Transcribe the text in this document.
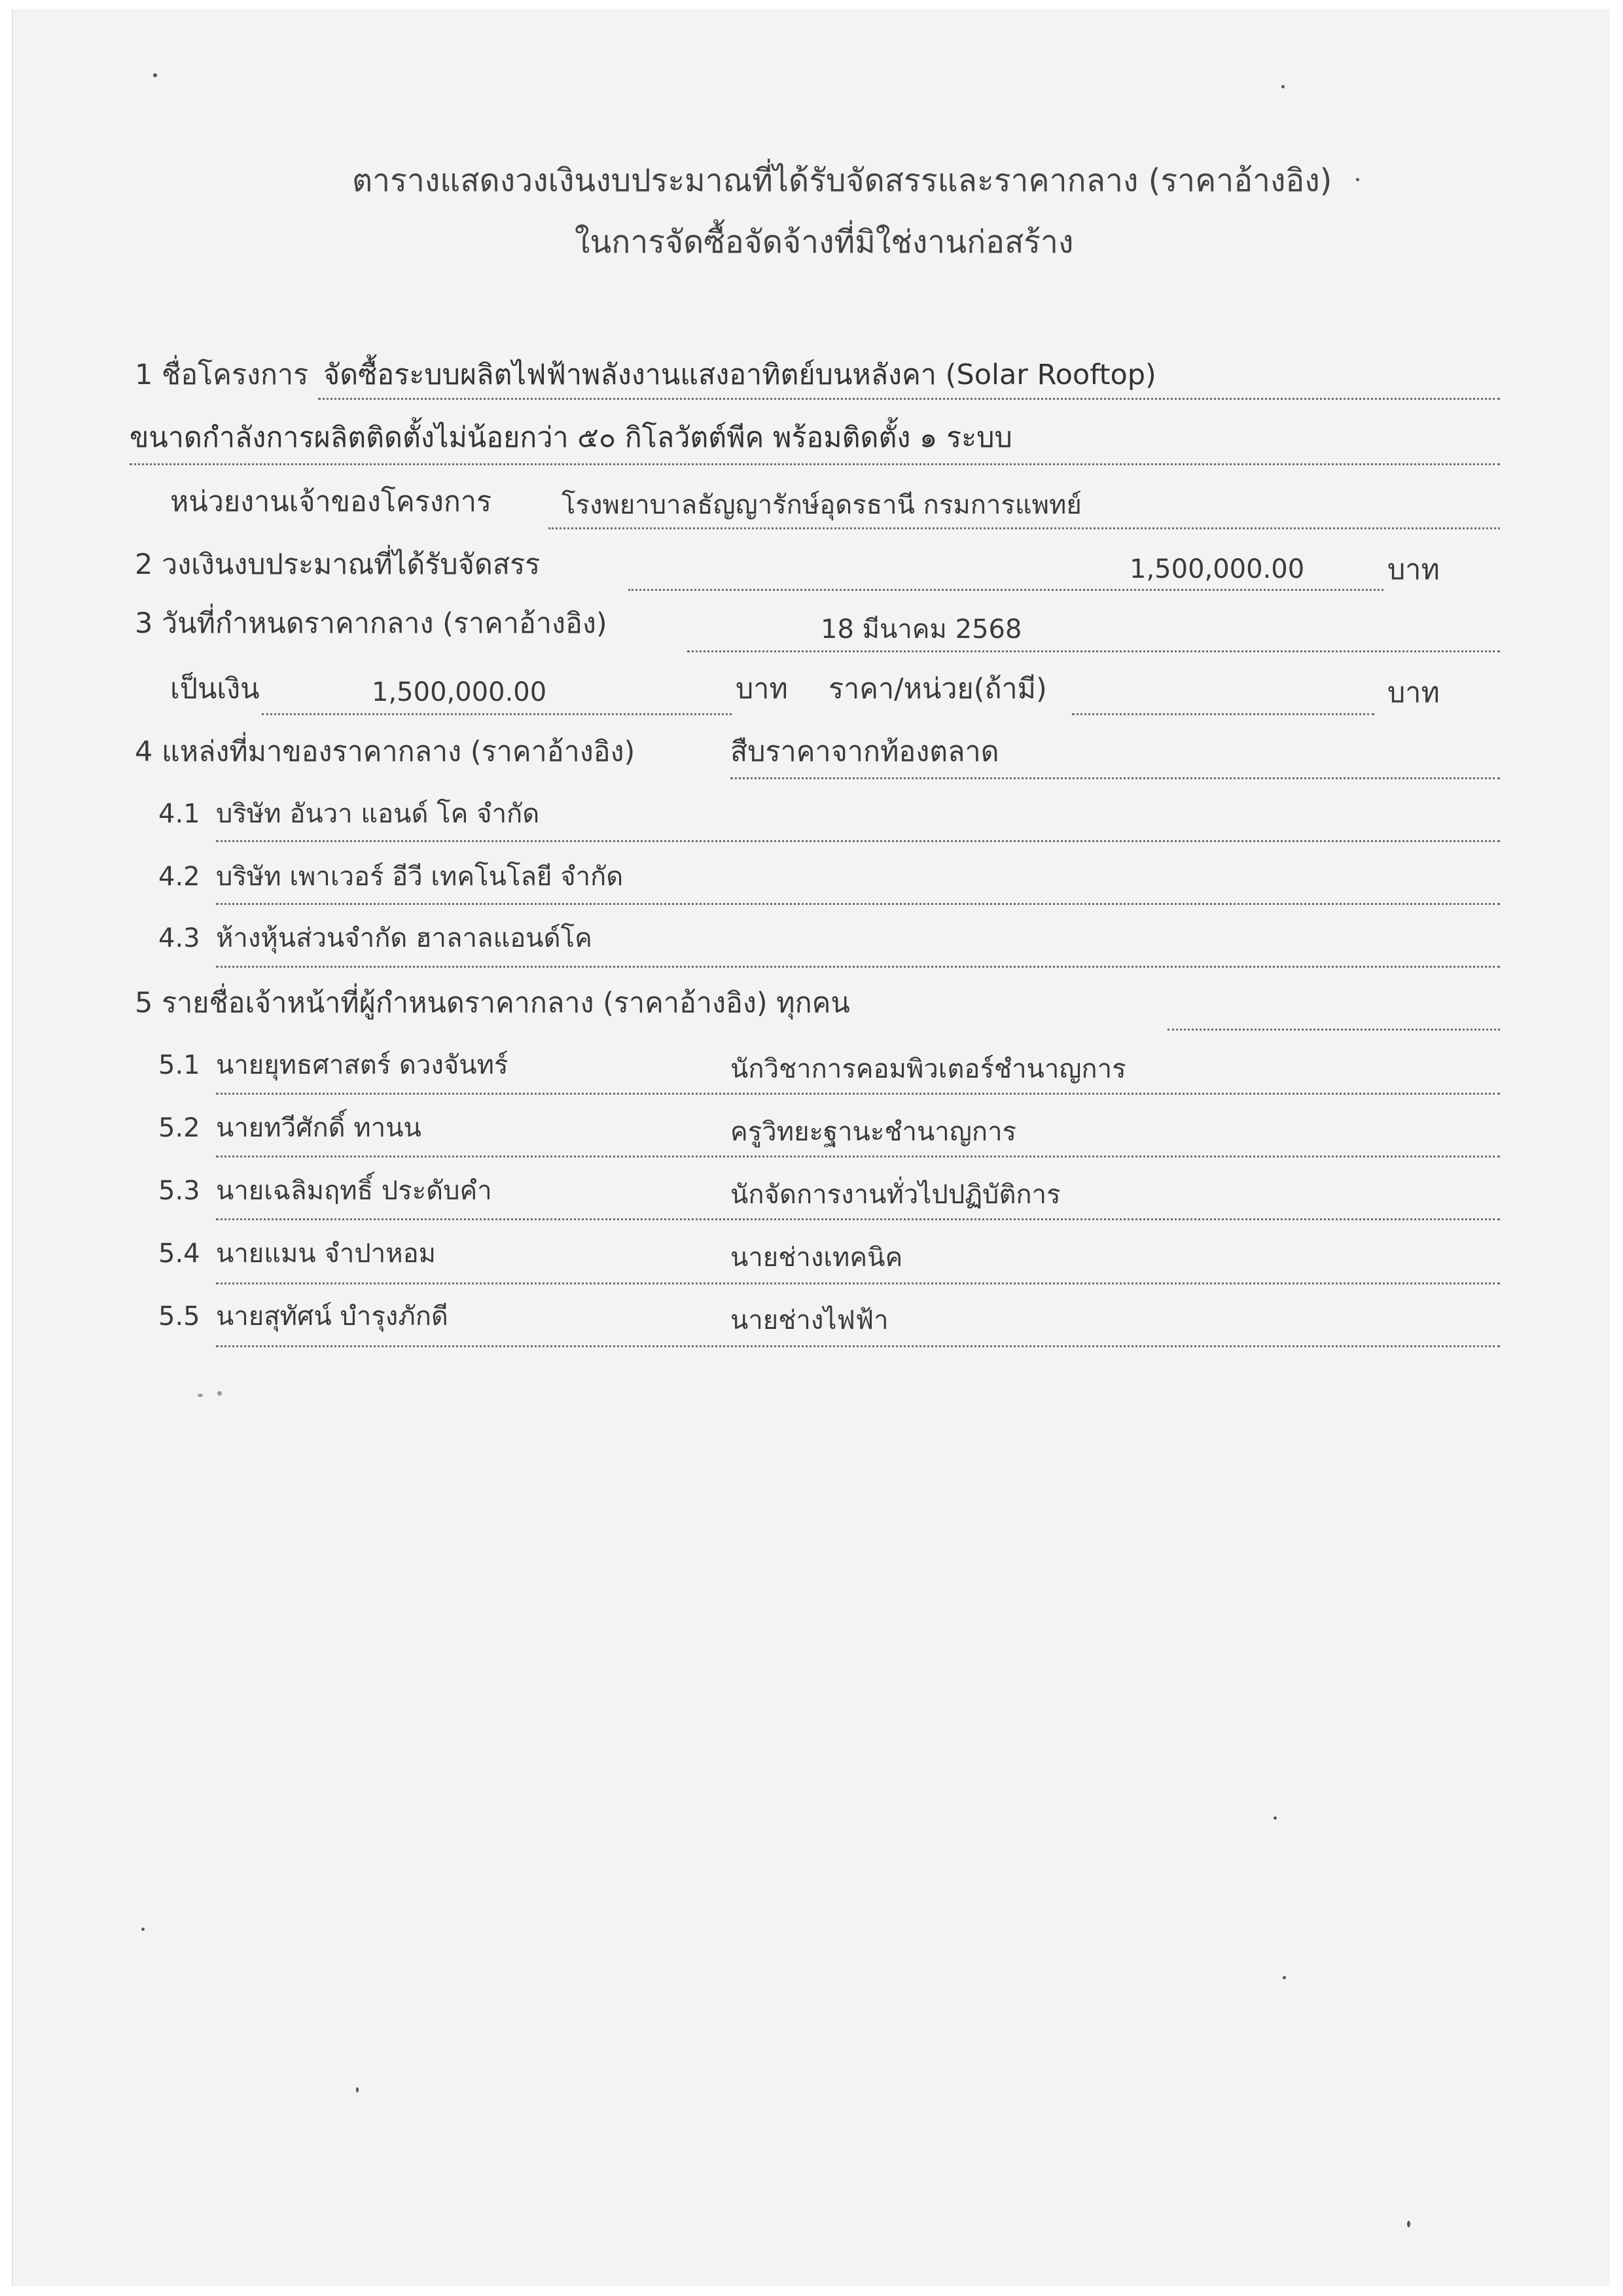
ตารางแสดงวงเงินงบประมาณที่ได้รับจัดสรรและราคากลาง (ราคาอ้างอิง)
ในการจัดซื้อจัดจ้างที่มิใช่งานก่อสร้าง
1 ชื่อโครงการ จัดซื้อระบบผลิตไฟฟ้าพลังงานแสงอาทิตย์บนหลังคา (Solar Rooftop)
ขนาดกำลังการผลิตติดตั้งไม่น้อยกว่า ๕๐ กิโลวัตต์พีค พร้อมติดตั้ง ๑ ระบบ
หน่วยงานเจ้าของโครงการ	โรงพยาบาลธัญญารักษ์อุดรธานี กรมการแพทย์
2 วงเงินงบประมาณที่ได้รับจัดสรร	1,500,000.00	บาท
3 วันที่กำหนดราคากลาง (ราคาอ้างอิง)	18 มีนาคม 2568
เป็นเงิน	1,500,000.00	บาท ราคา/หน่วย(ถ้ามี)	บาท
4 แหล่งที่มาของราคากลาง (ราคาอ้างอิง)	สืบราคาจากท้องตลาด
4.1 บริษัท อันวา แอนด์ โค จำกัด
4.2 บริษัท เพาเวอร์ อีวี เทคโนโลยี จำกัด
4.3 ห้างหุ้นส่วนจำกัด ฮาลาลแอนด์โค
5 รายชื่อเจ้าหน้าที่ผู้กำหนดราคากลาง (ราคาอ้างอิง) ทุกคน
5.1 นายยุทธศาสตร์ ดวงจันทร์	นักวิชาการคอมพิวเตอร์ชำนาญการ
5.2 นายทวีศักดิ์ ทานน	ครูวิทยะฐานะชำนาญการ
5.3 นายเฉลิมฤทธิ์ ประดับคำ	นักจัดการงานทั่วไปปฏิบัติการ
5.4 นายแมน จำปาหอม	นายช่างเทคนิค
5.5 นายสุทัศน์ บำรุงภักดี	นายช่างไฟฟ้า
